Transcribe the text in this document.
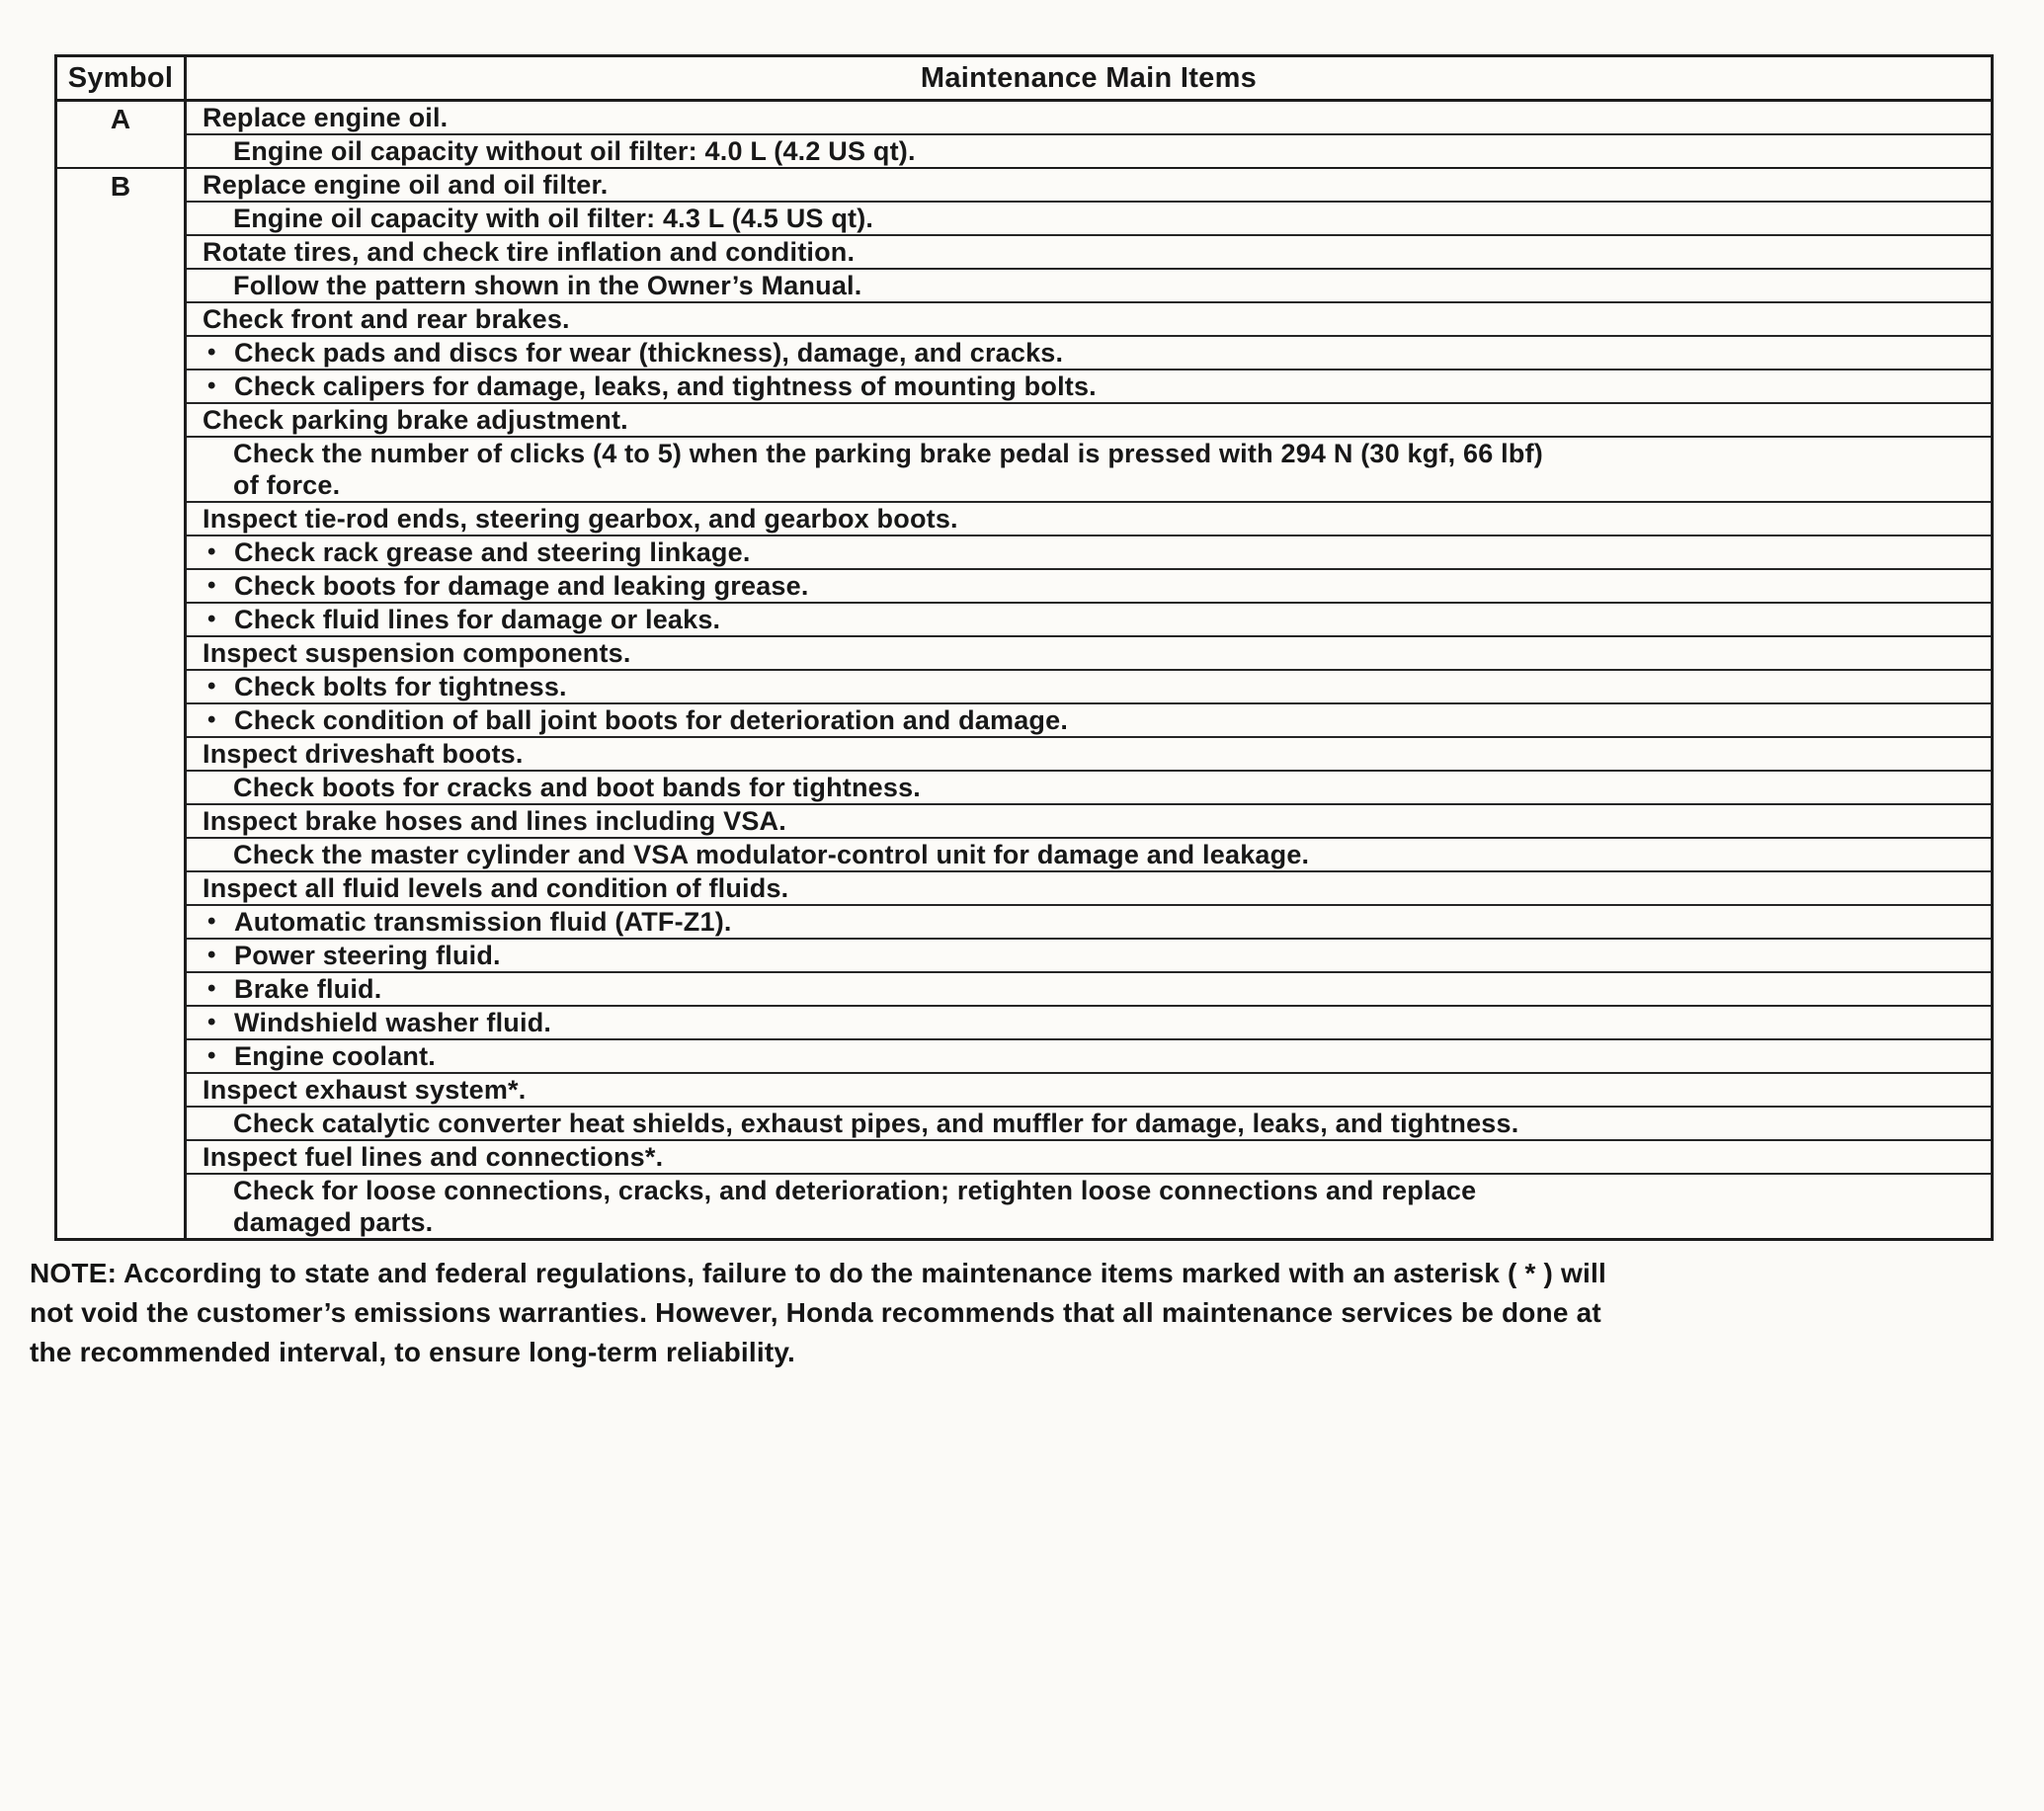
Symbol	Maintenance Main Items
A	Replace engine oil.
Engine oil capacity without oil filter: 4.0 L (4.2 US qt).
B	Replace engine oil and oil filter.
Engine oil capacity with oil filter: 4.3 L (4.5 US qt).
Rotate tires, and check tire inflation and condition.
Follow the pattern shown in the Owner’s Manual.
Check front and rear brakes.
• Check pads and discs for wear (thickness), damage, and cracks.
• Check calipers for damage, leaks, and tightness of mounting bolts.
Check parking brake adjustment.
Check the number of clicks (4 to 5) when the parking brake pedal is pressed with 294 N (30 kgf, 66 lbf)
of force.
Inspect tie-rod ends, steering gearbox, and gearbox boots.
• Check rack grease and steering linkage.
• Check boots for damage and leaking grease.
• Check fluid lines for damage or leaks.
Inspect suspension components.
• Check bolts for tightness.
• Check condition of ball joint boots for deterioration and damage.
Inspect driveshaft boots.
Check boots for cracks and boot bands for tightness.
Inspect brake hoses and lines including VSA.
Check the master cylinder and VSA modulator-control unit for damage and leakage.
Inspect all fluid levels and condition of fluids.
• Automatic transmission fluid (ATF-Z1).
• Power steering fluid.
• Brake fluid.
• Windshield washer fluid.
• Engine coolant.
Inspect exhaust system*.
Check catalytic converter heat shields, exhaust pipes, and muffler for damage, leaks, and tightness.
Inspect fuel lines and connections*.
Check for loose connections, cracks, and deterioration; retighten loose connections and replace
damaged parts.
NOTE: According to state and federal regulations, failure to do the maintenance items marked with an asterisk ( * ) will
not void the customer’s emissions warranties. However, Honda recommends that all maintenance services be done at
the recommended interval, to ensure long-term reliability.
